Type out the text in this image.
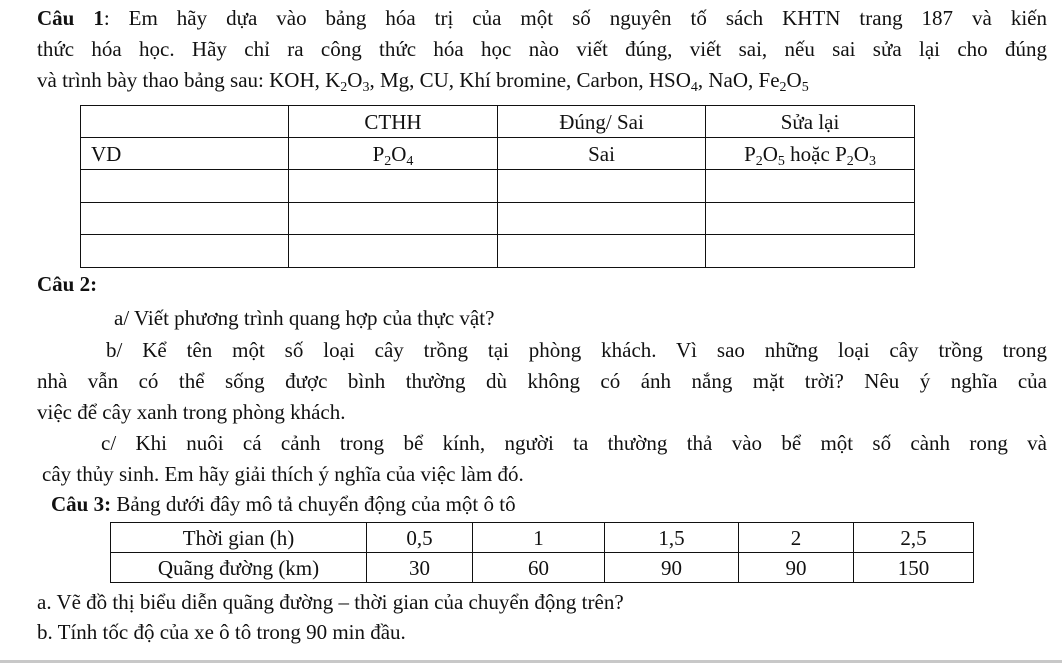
Câu 1: Em hãy dựa vào bảng hóa trị của một số nguyên tố sách KHTN trang 187 và kiến
thức hóa học. Hãy chỉ ra công thức hóa học nào viết đúng, viết sai, nếu sai sửa lại cho đúng
và trình bày thao bảng sau: KOH, $K_2O_3$, Mg, CU, Khí bromine, Carbon, $HSO_4$, NaO, $Fe_2O_5$
	CTHH	Đúng/ Sai	Sửa lại
VD	$P_2O_4$	Sai	$P_2O_5$ hoặc $P_2O_3$

Câu 2:
a/ Viết phương trình quang hợp của thực vật?
b/ Kể tên một số loại cây trồng tại phòng khách. Vì sao những loại cây trồng trong
nhà vẫn có thể sống được bình thường dù không có ánh nắng mặt trời? Nêu ý nghĩa của
việc để cây xanh trong phòng khách.
c/ Khi nuôi cá cảnh trong bể kính, người ta thường thả vào bể một số cành rong và
cây thủy sinh. Em hãy giải thích ý nghĩa của việc làm đó.
Câu 3: Bảng dưới đây mô tả chuyển động của một ô tô
Thời gian (h)	0,5	1	1,5	2	2,5
Quãng đường (km)	30	60	90	90	150
a. Vẽ đồ thị biểu diễn quãng đường – thời gian của chuyển động trên?
b. Tính tốc độ của xe ô tô trong 90 min đầu.
